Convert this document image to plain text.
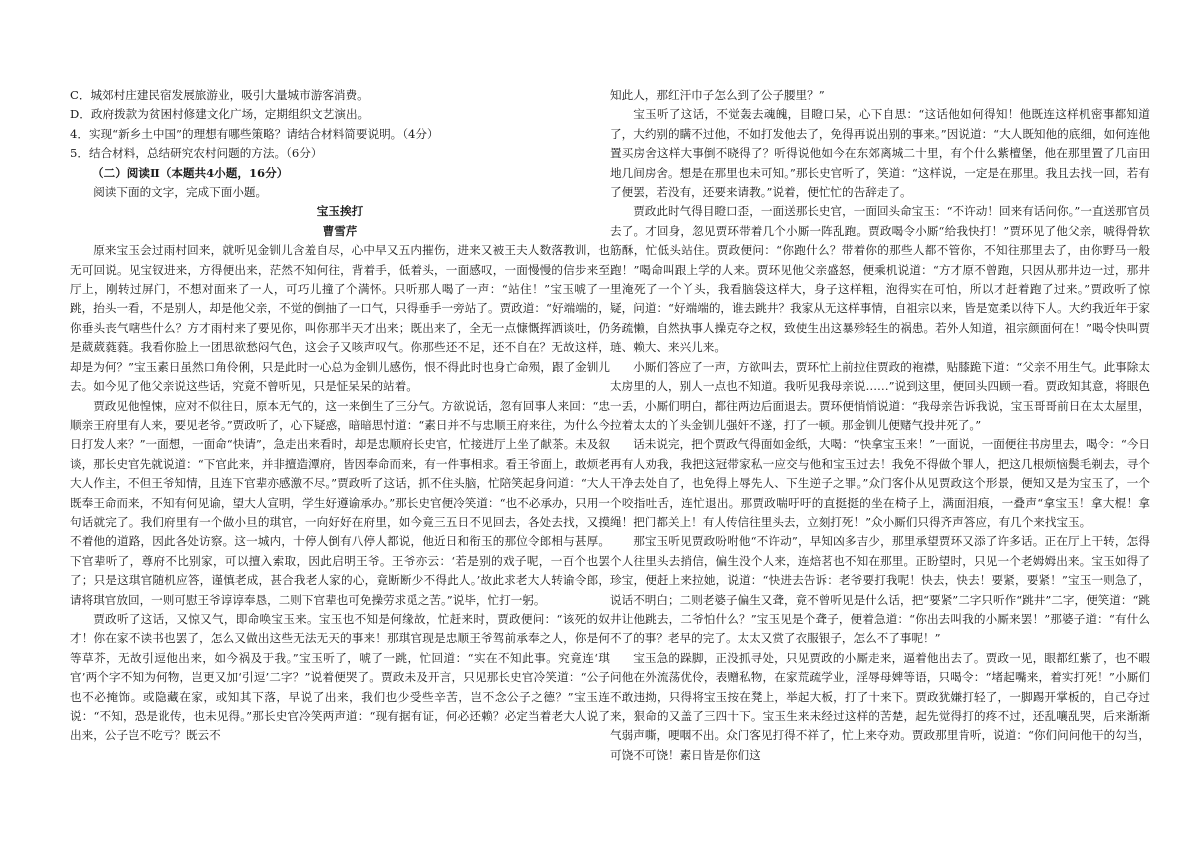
C．城郊村庄建民宿发展旅游业，吸引大量城市游客消费。
D．政府拨款为贫困村修建文化广场，定期组织文艺演出。
4．实现“新乡土中国”的理想有哪些策略？请结合材料简要说明。（4分）
5．结合材料，总结研究农村问题的方法。（6分）
（二）阅读Ⅱ（本题共4小题，16分）
阅读下面的文字，完成下面小题。
宝玉挨打
曹雪芹

原来宝玉会过雨村回来，就听见金钏儿含羞自尽，心中早又五内摧伤，进来又被王夫人数落教训，也无可回说。见宝钗进来，方得便出来，茫然不知何往，背着手，低着头，一面感叹，一面慢慢的信步来至厅上，刚转过屏门，不想对面来了一人，可巧儿撞了个满怀。只听那人喝了一声：“站住！”宝玉唬了一跳，抬头一看，不是别人，却是他父亲，不觉的倒抽了一口气，只得垂手一旁站了。贾政道：“好端端的，你垂头丧气嗐些什么？方才雨村来了要见你，叫你那半天才出来；既出来了，全无一点慷慨挥洒谈吐，仍是葳葳蕤蕤。我看你脸上一团思欲愁闷气色，这会子又咳声叹气。你那些还不足，还不自在？无故这样，却是为何？”宝玉素日虽然口角伶俐，只是此时一心总为金钏儿感伤，恨不得此时也身亡命殒，跟了金钏儿去。如今见了他父亲说这些话，究竟不曾听见，只是怔呆呆的站着。

贾政见他惶悚，应对不似往日，原本无气的，这一来倒生了三分气。方欲说话，忽有回事人来回：“忠顺亲王府里有人来，要见老爷。”贾政听了，心下疑惑，暗暗思忖道：“素日并不与忠顺王府来往，为什么今日打发人来？”一面想，一面命“快请”，急走出来看时，却是忠顺府长史官，忙接进厅上坐了献茶。未及叙谈，那长史官先就说道：“下官此来，并非擅造潭府，皆因奉命而来，有一件事相求。看王爷面上，敢烦老大人作主，不但王爷知情，且连下官辈亦感激不尽。”贾政听了这话，抓不住头脑，忙陪笑起身问道：“大人既奉王命而来，不知有何见谕，望大人宣明，学生好遵谕承办。”那长史官便冷笑道：“也不必承办，只用一句话就完了。我们府里有一个做小旦的琪官，一向好好在府里，如今竟三五日不见回去，各处去找，又摸不着他的道路，因此各处访察。这一城内，十停人倒有八停人都说，他近日和衔玉的那位令郎相与甚厚。下官辈听了，尊府不比别家，可以擅入索取，因此启明王爷。王爷亦云：‘若是别的戏子呢，一百个也罢了；只是这琪官随机应答，谨慎老成，甚合我老人家的心，竟断断少不得此人。’故此求老大人转谕令郎，请将琪官放回，一则可慰王爷谆谆奉恳，二则下官辈也可免操劳求觅之苦。”说毕，忙打一躬。

贾政听了这话，又惊又气，即命唤宝玉来。宝玉也不知是何缘故，忙赶来时，贾政便问：“该死的奴才！你在家不读书也罢了，怎么又做出这些无法无天的事来！那琪官现是忠顺王爷驾前承奉之人，你是何等草芥，无故引逗他出来，如今祸及于我。”宝玉听了，唬了一跳，忙回道：“实在不知此事。究竟连‘琪官’两个字不知为何物，岂更又加‘引逗’二字？”说着便哭了。贾政未及开言，只见那长史官冷笑道：“公子也不必掩饰。或隐藏在家，或知其下落，早说了出来，我们也少受些辛苦，岂不念公子之德？”宝玉连说：“不知，恐是讹传，也未见得。”那长史官冷笑两声道：“现有据有证，何必还赖？必定当着老大人说了出来，公子岂不吃亏？既云不

知此人，那红汗巾子怎么到了公子腰里？”

宝玉听了这话，不觉轰去魂魄，目瞪口呆，心下自思：“这话他如何得知！他既连这样机密事都知道了，大约别的瞒不过他，不如打发他去了，免得再说出别的事来。”因说道：“大人既知他的底细，如何连他置买房舍这样大事倒不晓得了？听得说他如今在东郊离城二十里，有个什么紫檀堡，他在那里置了几亩田地几间房舍。想是在那里也未可知。”那长史官听了，笑道：“这样说，一定是在那里。我且去找一回，若有了便罢，若没有，还要来请教。”说着，便忙忙的告辞走了。

贾政此时气得目瞪口歪，一面送那长史官，一面回头命宝玉：“不许动！回来有话问你。”一直送那官员去了。才回身，忽见贾环带着几个小厮一阵乱跑。贾政喝令小厮“给我快打！”贾环见了他父亲，唬得骨软筋酥，忙低头站住。贾政便问：“你跑什么？带着你的那些人都不管你，不知往那里去了，由你野马一般跑！”喝命叫跟上学的人来。贾环见他父亲盛怒，便乘机说道：“方才原不曾跑，只因从那井边一过，那井里淹死了一个丫头，我看脑袋这样大，身子这样粗，泡得实在可怕，所以才赶着跑了过来。”贾政听了惊疑，问道：“好端端的，谁去跳井？我家从无这样事情，自祖宗以来，皆是宽柔以待下人。大约我近年于家务疏懒，自然执事人操克夺之权，致使生出这暴殄轻生的祸患。若外人知道，祖宗颜面何在！”喝令快叫贾琏、赖大、来兴儿来。

小厮们答应了一声，方欲叫去，贾环忙上前拉住贾政的袍襟，贴膝跪下道：“父亲不用生气。此事除太太房里的人，别人一点也不知道。我听见我母亲说……”说到这里，便回头四顾一看。贾政知其意，将眼色一丢，小厮们明白，都往两边后面退去。贾环便悄悄说道：“我母亲告诉我说，宝玉哥哥前日在太太屋里，拉着太太的丫头金钏儿强奸不遂，打了一顿。那金钏儿便赌气投井死了。”

话未说完，把个贾政气得面如金纸，大喝：“快拿宝玉来！”一面说，一面便往书房里去，喝令：“今日再有人劝我，我把这冠带家私一应交与他和宝玉过去！我免不得做个罪人，把这几根烦恼鬓毛剃去，寻个干净去处自了，也免得上辱先人、下生逆子之罪。”众门客仆从见贾政这个形景，便知又是为宝玉了，一个个咬指吐舌，连忙退出。那贾政喘吁吁的直挺挺的坐在椅子上，满面泪痕，一叠声“拿宝玉！拿大棍！拿绳！把门都关上！有人传信往里头去，立刻打死！”众小厮们只得齐声答应，有几个来找宝玉。

那宝玉听见贾政吩咐他“不许动”，早知凶多吉少，那里承望贾环又添了许多话。正在厅上干转，怎得个人往里头去捎信，偏生没个人来，连焙茗也不知在那里。正盼望时，只见一个老姆姆出来。宝玉如得了珍宝，便赶上来拉她，说道：“快进去告诉：老爷要打我呢！快去，快去！要紧，要紧！”宝玉一则急了，说话不明白；二则老婆子偏生又聋，竟不曾听见是什么话，把“要紧”二字只听作“跳井”二字，便笑道：“跳井让他跳去，二爷怕什么？”宝玉见是个聋子，便着急道：“你出去叫我的小厮来罢！”那婆子道：“有什么不了的事？老早的完了。太太又赏了衣服银子，怎么不了事呢！”

宝玉急的跺脚，正没抓寻处，只见贾政的小厮走来，逼着他出去了。贾政一见，眼都红紫了，也不暇问他在外流荡优伶，表赠私物，在家荒疏学业，淫辱母婢等语，只喝令：“堵起嘴来，着实打死！”小厮们不敢违拗，只得将宝玉按在凳上，举起大板，打了十来下。贾政犹嫌打轻了，一脚踢开掌板的，自己夺过来，狠命的又盖了三四十下。宝玉生来未经过这样的苦楚，起先觉得打的疼不过，还乱嚷乱哭，后来渐渐气弱声嘶，哽咽不出。众门客见打得不祥了，忙上来夺劝。贾政那里肯听，说道：“你们问问他干的勾当，可饶不可饶！素日皆是你们这
